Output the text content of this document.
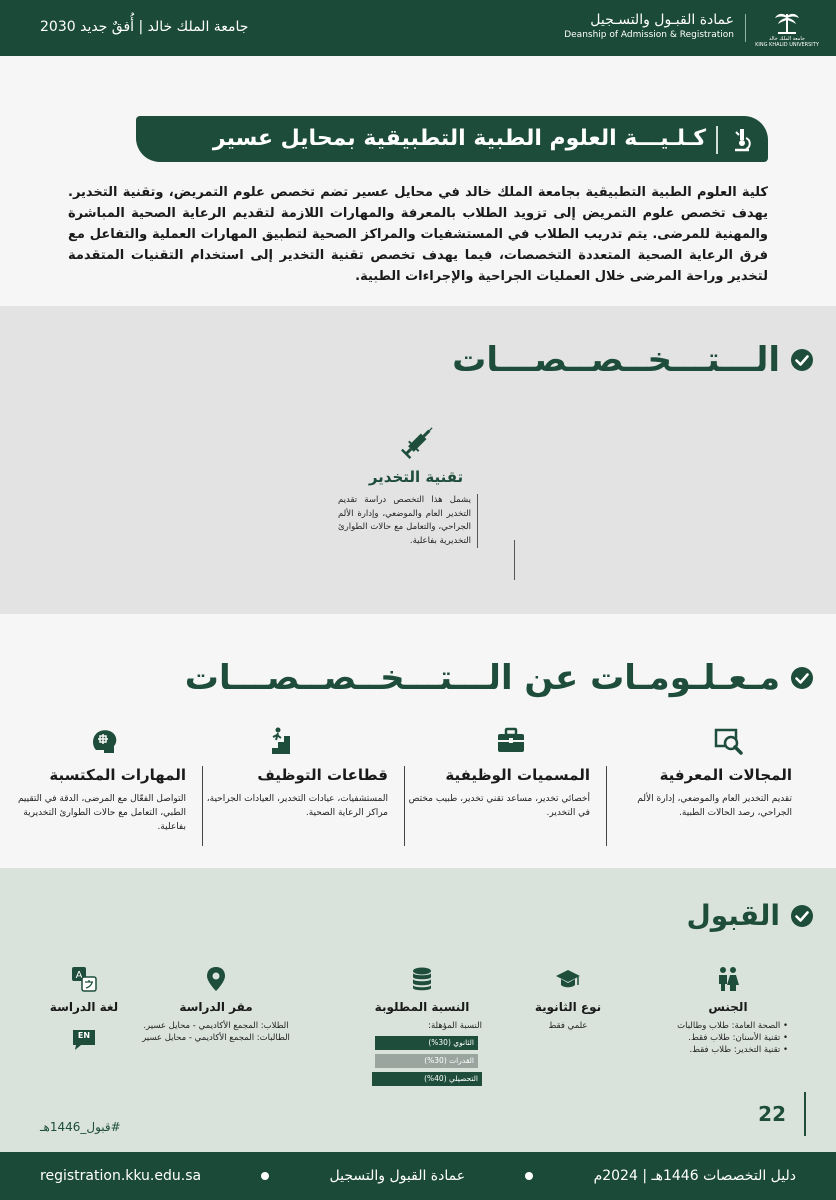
جامعة الملك خالد
KING KHALID UNIVERSITY
عمادة القبـول والتسـجيل
Deanship of Admission & Registration
جامعة الملك خالد | أُفقٌ جديد 2030
كـلـيـــة العلوم الطبية التطبيقية بمحايل عسير

كلية العلوم الطبية التطبيقية بجامعة الملك خالد في محايل عسير تضم تخصص علوم التمريض، وتقنية التخدير. يهدف تخصص علوم التمريض إلى تزويد الطلاب بالمعرفة والمهارات اللازمة لتقديم الرعاية الصحية المباشرة والمهنية للمرضى. يتم تدريب الطلاب في المستشفيات والمراكز الصحية لتطبيق المهارات العملية والتفاعل مع فرق الرعاية الصحية المتعددة التخصصات، فيما يهدف تخصص تقنية التخدير إلى استخدام التقنيات المتقدمة لتخدير وراحة المرضى خلال العمليات الجراحية والإجراءات الطبية.

الـــتـــخــصــصـــات
تقنية التخدير
يشمل هذا التخصص دراسة تقديم التخدير العام والموضعي، وإدارة الألم الجراحي، والتعامل مع حالات الطوارئ التخديرية بفاعلية.
مـعـلـومـات عن الـــتـــخــصــصـــات
المجالات المعرفية
تقديم التخدير العام والموضعي، إدارة الألم الجراحي، رصد الحالات الطبية.
المسميات الوظيفية
أخصائي تخدير، مساعد تقني تخدير، طبيب مختص في التخدير.
قطاعات التوظيف
المستشفيات، عيادات التخدير، العيادات الجراحية، مراكز الرعاية الصحية.
المهارات المكتسبة
التواصل الفعّال مع المرضى، الدقة في التقييم الطبي، التعامل مع حالات الطوارئ التخديرية بفاعلية.
القبول
الجنس
• الصحة العامة: طلاب وطالبات
• تقنية الأسنان: طلاب فقط.
• تقنية التخدير: طلاب فقط.
نوع الثانوية
علمي فقط
النسبة المطلوبة
النسبة المؤهلة:
الثانوي (30%)
القدرات (30%)
التحصيلي (40%)
مقر الدراسة
الطلاب: المجمع الأكاديمي - محايل عسير.
الطالبات: المجمع الأكاديمي - محايل عسير
A
لغة الدراسة
EN
#قبول_1446هـ
22
دليل التخصصات 1446هـ | 2024م
عمادة القبول والتسجيل
registration.kku.edu.sa
